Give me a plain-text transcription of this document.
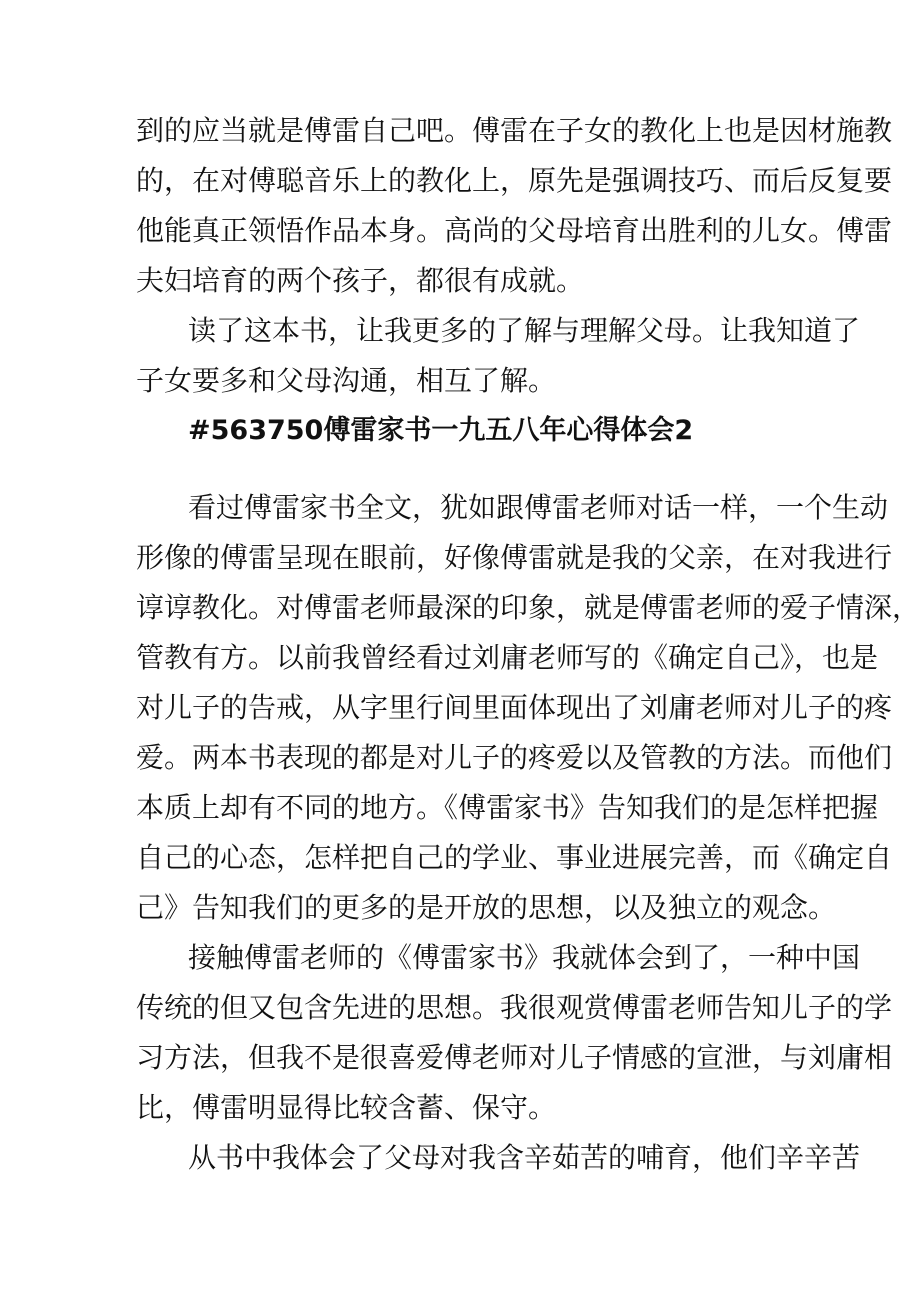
到的应当就是傅雷自己吧。傅雷在子女的教化上也是因材施教
的，在对傅聪音乐上的教化上，原先是强调技巧、而后反复要
他能真正领悟作品本身。高尚的父母培育出胜利的儿女。傅雷
夫妇培育的两个孩子，都很有成就。
读了这本书，让我更多的了解与理解父母。让我知道了
子女要多和父母沟通，相互了解。
#563750傅雷家书一九五八年心得体会2
看过傅雷家书全文，犹如跟傅雷老师对话一样，一个生动
形像的傅雷呈现在眼前，好像傅雷就是我的父亲，在对我进行
谆谆教化。对傅雷老师最深的印象，就是傅雷老师的爱子情深，
管教有方。以前我曾经看过刘庸老师写的《确定自己》，也是
对儿子的告戒，从字里行间里面体现出了刘庸老师对儿子的疼
爱。两本书表现的都是对儿子的疼爱以及管教的方法。而他们
本质上却有不同的地方。《傅雷家书》告知我们的是怎样把握
自己的心态，怎样把自己的学业、事业进展完善，而《确定自
己》告知我们的更多的是开放的思想，以及独立的观念。
接触傅雷老师的《傅雷家书》我就体会到了，一种中国
传统的但又包含先进的思想。我很观赏傅雷老师告知儿子的学
习方法，但我不是很喜爱傅老师对儿子情感的宣泄，与刘庸相
比，傅雷明显得比较含蓄、保守。
从书中我体会了父母对我含辛茹苦的哺育，他们辛辛苦
